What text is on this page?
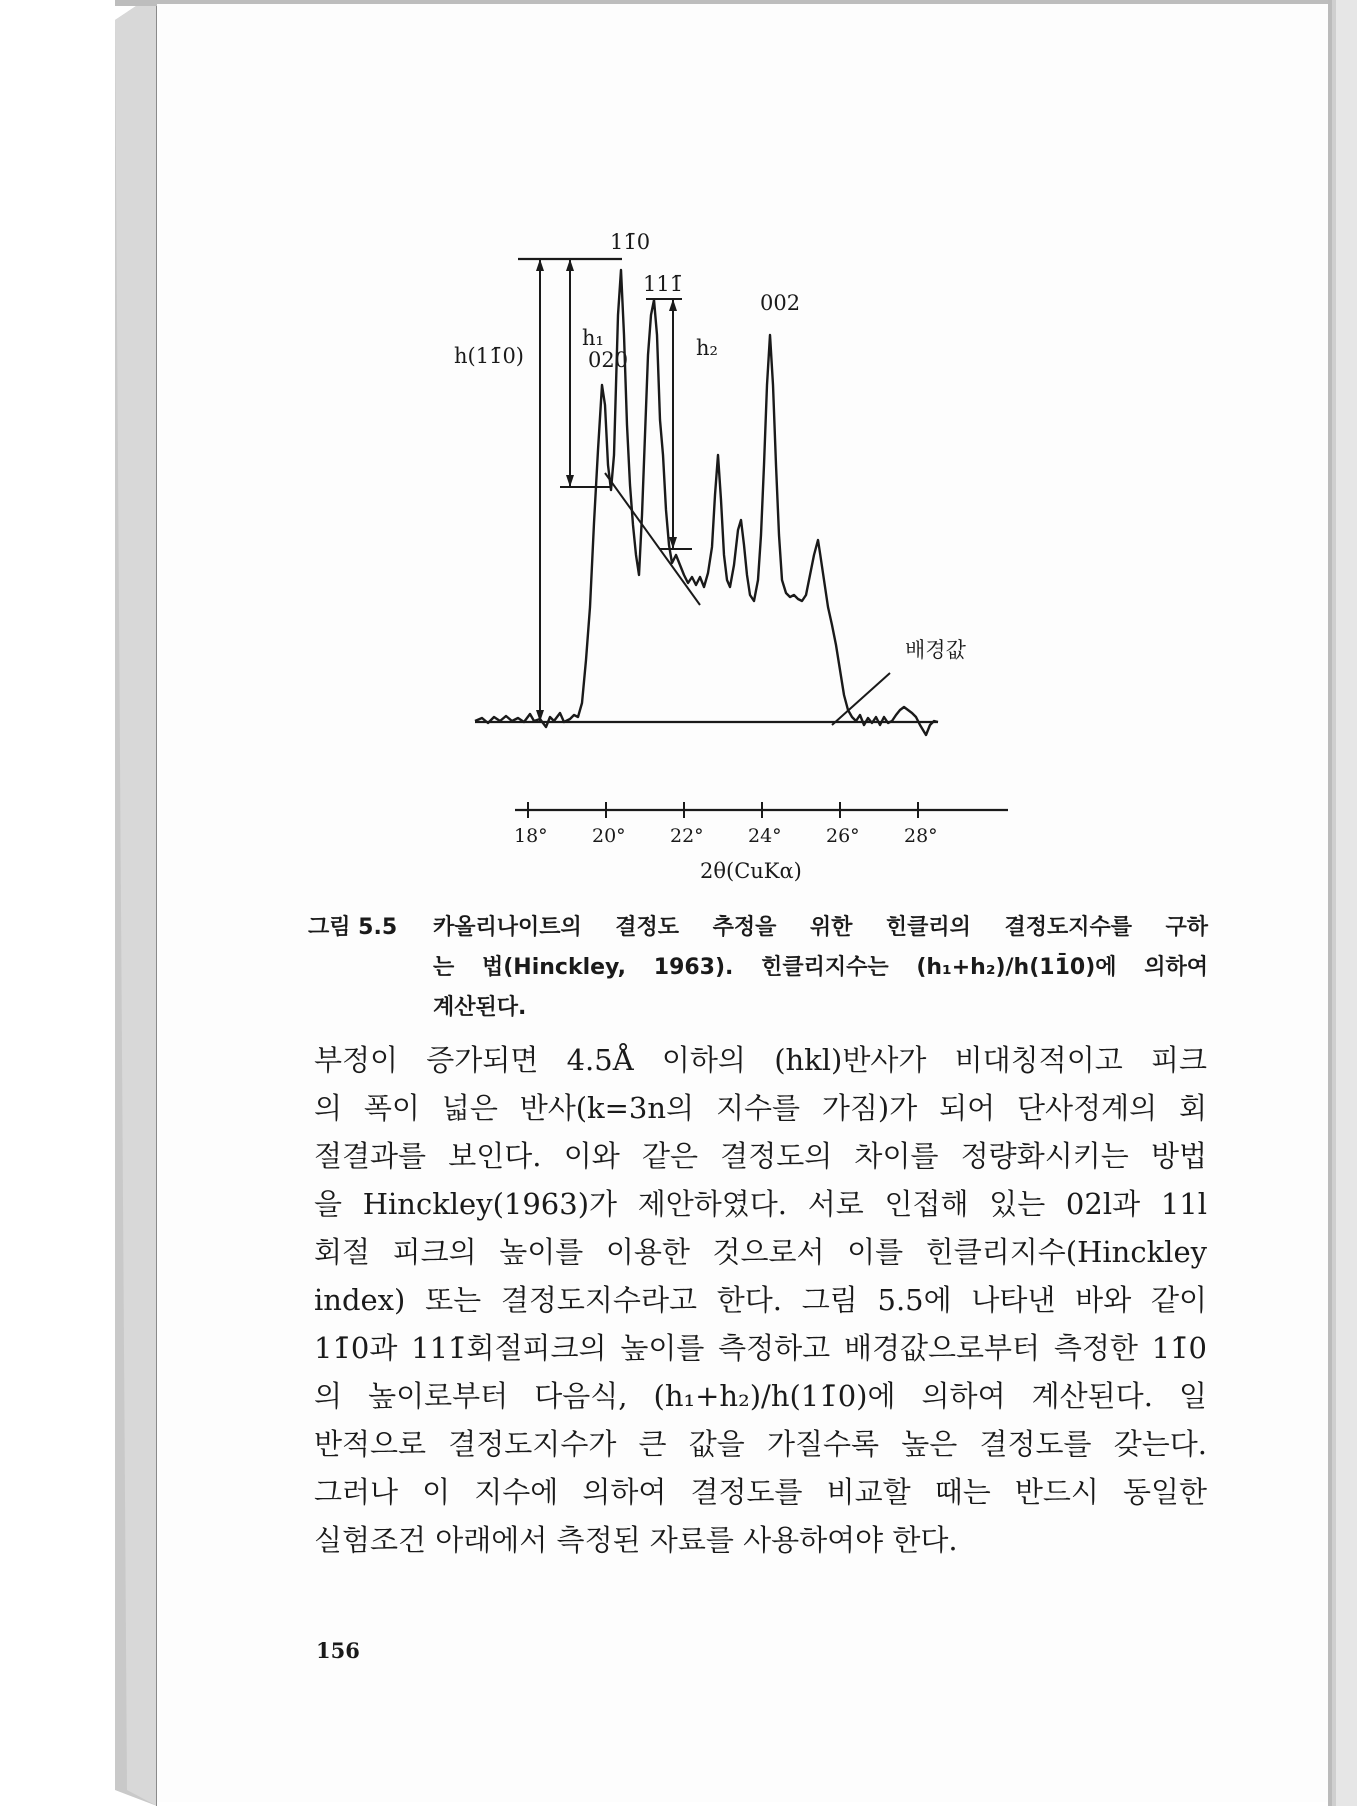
11̄0
111̄
002
020
h(11̄0)
h₁	h₂
배경값
18° 20° 22° 24° 26° 28°
2θ(CuKα)
그림 5.5	카올리나이트의 결정도 추정을 위한 힌클리의 결정도지수를 구하
는 법(Hinckley, 1963). 힌클리지수는 (h₁+h₂)/h(11̄0)에 의하여
계산된다.
부정이 증가되면 4.5Å 이하의 (hkl)반사가 비대칭적이고 피크
의 폭이 넓은 반사(k=3n의 지수를 가짐)가 되어 단사정계의 회
절결과를 보인다. 이와 같은 결정도의 차이를 정량화시키는 방법
을 Hinckley(1963)가 제안하였다. 서로 인접해 있는 02l과 11l
회절 피크의 높이를 이용한 것으로서 이를 힌클리지수(Hinckley
index) 또는 결정도지수라고 한다. 그림 5.5에 나타낸 바와 같이
11̄0과 111̄회절피크의 높이를 측정하고 배경값으로부터 측정한 11̄0
의 높이로부터 다음식, (h₁+h₂)/h(11̄0)에 의하여 계산된다. 일
반적으로 결정도지수가 큰 값을 가질수록 높은 결정도를 갖는다.
그러나 이 지수에 의하여 결정도를 비교할 때는 반드시 동일한
실험조건 아래에서 측정된 자료를 사용하여야 한다.
156
